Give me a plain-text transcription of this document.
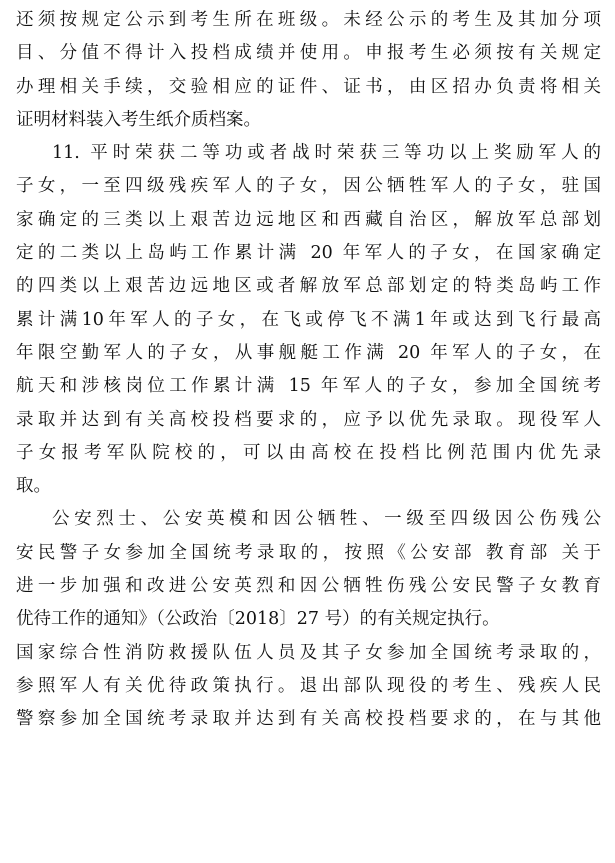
还须按规定公示到考生所在班级。未经公示的考生及其加分项
目、分值不得计入投档成绩并使用。申报考生必须按有关规定
办理相关手续，交验相应的证件、证书，由区招办负责将相关
证明材料装入考生纸介质档案。
11. 平时荣获二等功或者战时荣获三等功以上奖励军人的
子女，一至四级残疾军人的子女，因公牺牲军人的子女，驻国
家确定的三类以上艰苦边远地区和西藏自治区，解放军总部划
定的二类以上岛屿工作累计满 20 年军人的子女，在国家确定
的四类以上艰苦边远地区或者解放军总部划定的特类岛屿工作
累计满10年军人的子女，在飞或停飞不满1年或达到飞行最高
年限空勤军人的子女，从事舰艇工作满 20 年军人的子女，在
航天和涉核岗位工作累计满 15 年军人的子女，参加全国统考
录取并达到有关高校投档要求的，应予以优先录取。现役军人
子女报考军队院校的，可以由高校在投档比例范围内优先录
取。
公安烈士、公安英模和因公牺牲、一级至四级因公伤残公
安民警子女参加全国统考录取的，按照《公安部 教育部 关于
进一步加强和改进公安英烈和因公牺牲伤残公安民警子女教育
优待工作的通知》（公政治〔2018〕27 号）的有关规定执行。
国家综合性消防救援队伍人员及其子女参加全国统考录取的，
参照军人有关优待政策执行。退出部队现役的考生、残疾人民
警察参加全国统考录取并达到有关高校投档要求的，在与其他
